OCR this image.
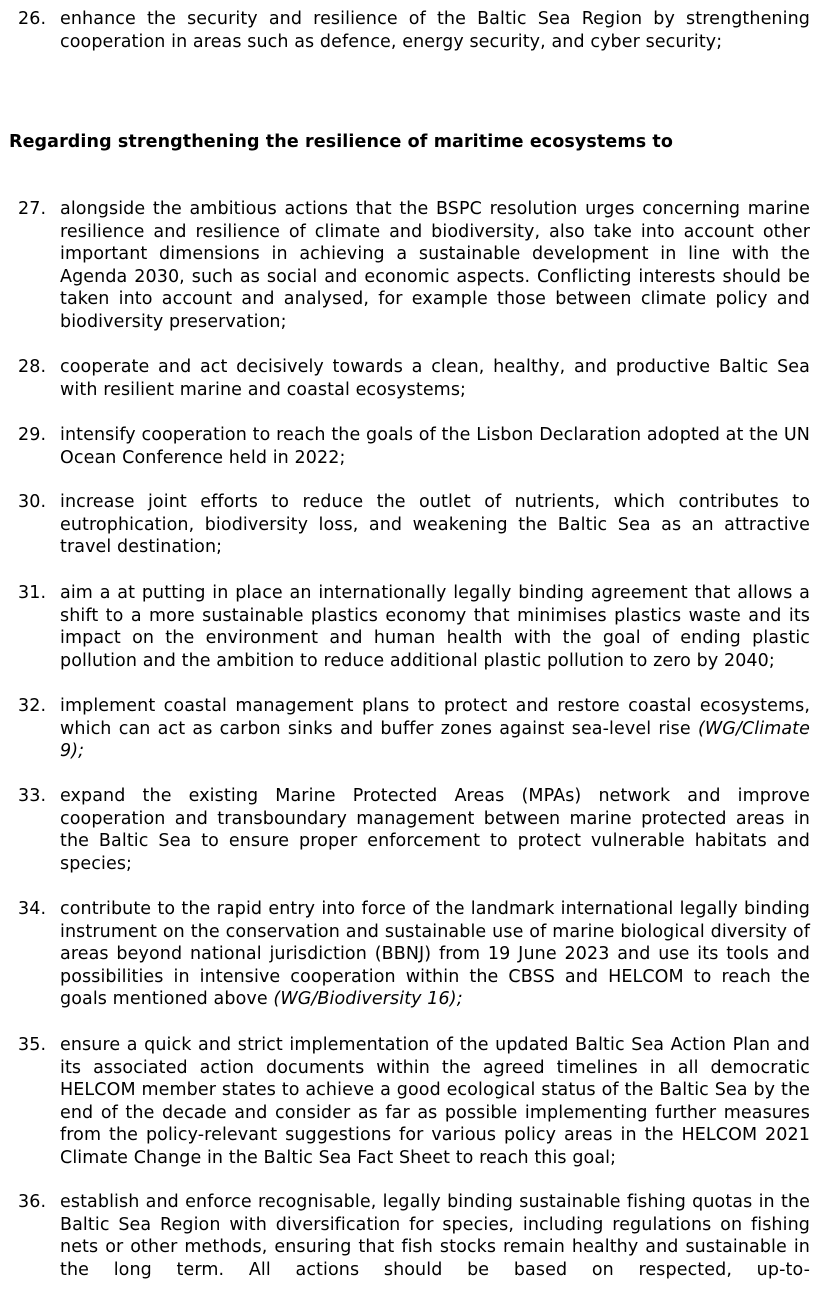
26. enhance the security and resilience of the Baltic Sea Region by strengthening cooperation in areas such as defence, energy security, and cyber security;
Regarding strengthening the resilience of maritime ecosystems to
27. alongside the ambitious actions that the BSPC resolution urges concerning marine resilience and resilience of climate and biodiversity, also take into account other important dimensions in achieving a sustainable development in line with the Agenda 2030, such as social and economic aspects. Conflicting interests should be taken into account and analysed, for example those between climate policy and biodiversity preservation;
28. cooperate and act decisively towards a clean, healthy, and productive Baltic Sea with resilient marine and coastal ecosystems;
29. intensify cooperation to reach the goals of the Lisbon Declaration adopted at the UN Ocean Conference held in 2022;
30. increase joint efforts to reduce the outlet of nutrients, which contributes to eutrophication, biodiversity loss, and weakening the Baltic Sea as an attractive travel destination;
31. aim a at putting in place an internationally legally binding agreement that allows a shift to a more sustainable plastics economy that minimises plastics waste and its impact on the environment and human health with the goal of ending plastic pollution and the ambition to reduce additional plastic pollution to zero by 2040;
32. implement coastal management plans to protect and restore coastal ecosystems, which can act as carbon sinks and buffer zones against sea-level rise (WG/Climate 9);
33. expand the existing Marine Protected Areas (MPAs) network and improve cooperation and transboundary management between marine protected areas in the Baltic Sea to ensure proper enforcement to protect vulnerable habitats and species;
34. contribute to the rapid entry into force of the landmark international legally binding instrument on the conservation and sustainable use of marine biological diversity of areas beyond national jurisdiction (BBNJ) from 19 June 2023 and use its tools and possibilities in intensive cooperation within the CBSS and HELCOM to reach the goals mentioned above (WG/Biodiversity 16);
35. ensure a quick and strict implementation of the updated Baltic Sea Action Plan and its associated action documents within the agreed timelines in all democratic HELCOM member states to achieve a good ecological status of the Baltic Sea by the end of the decade and consider as far as possible implementing further measures from the policy-relevant suggestions for various policy areas in the HELCOM 2021 Climate Change in the Baltic Sea Fact Sheet to reach this goal;
36. establish and enforce recognisable, legally binding sustainable fishing quotas in the Baltic Sea Region with diversification for species, including regulations on fishing nets or other methods, ensuring that fish stocks remain healthy and sustainable in the long term. All actions should be based on respected, up-to-
